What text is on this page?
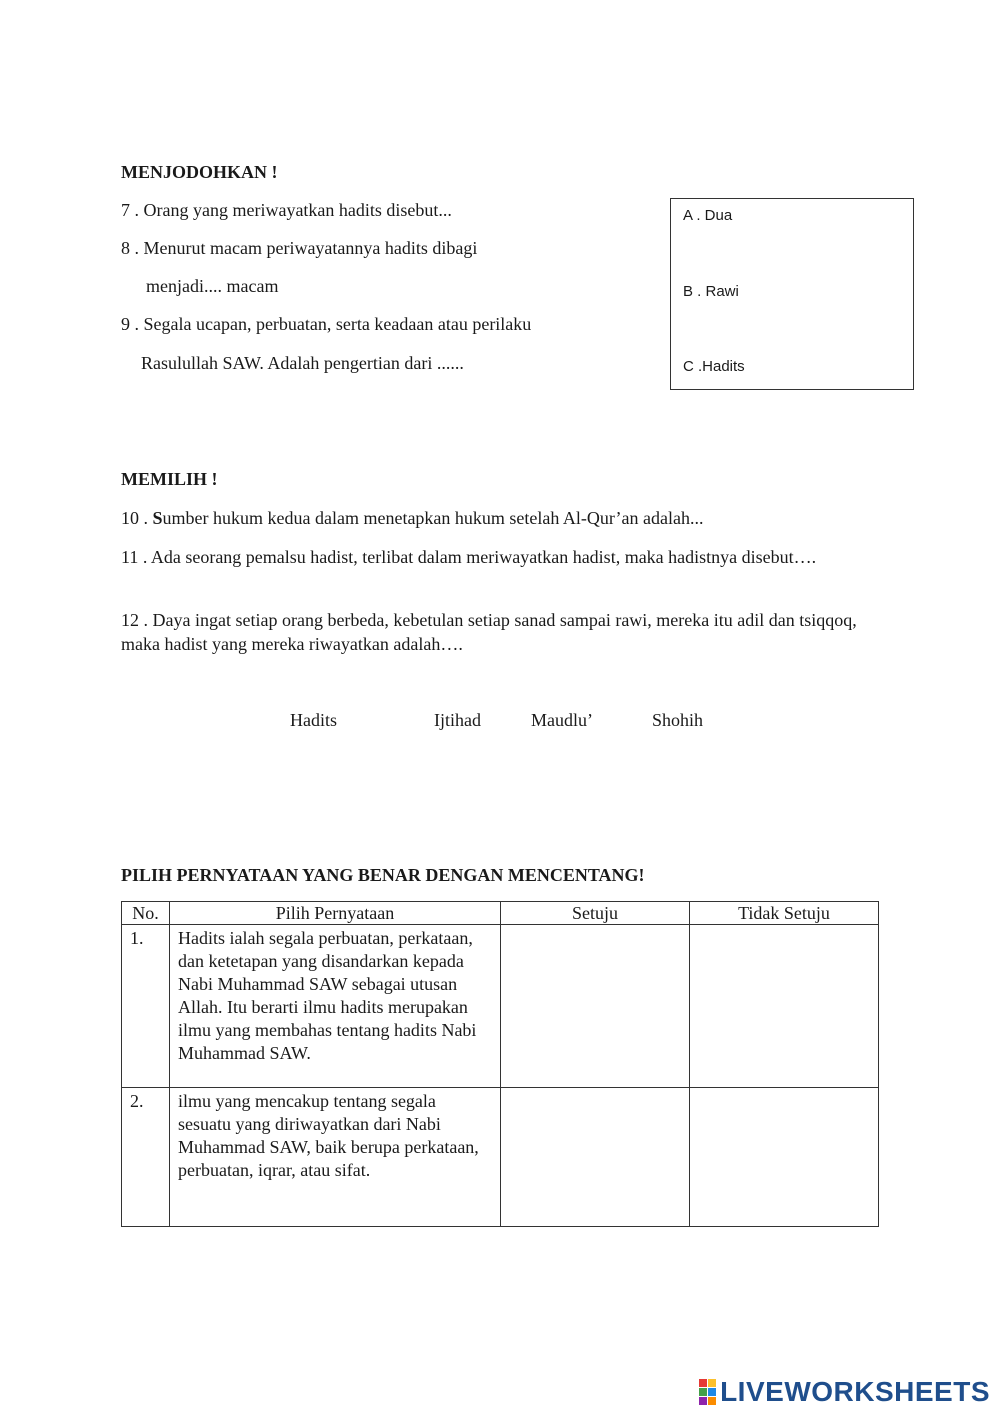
MENJODOHKAN !
7 . Orang yang meriwayatkan hadits disebut...
8 . Menurut macam periwayatannya hadits dibagi
menjadi.... macam
9 . Segala ucapan, perbuatan, serta keadaan atau perilaku
Rasulullah SAW. Adalah pengertian dari ......
A . Dua
B . Rawi
C .Hadits
MEMILIH !
10 . Sumber hukum kedua dalam menetapkan hukum setelah Al-Qur’an adalah...
11 . Ada seorang pemalsu hadist, terlibat dalam meriwayatkan hadist, maka hadistnya disebut….
12 . Daya ingat setiap orang berbeda, kebetulan setiap sanad sampai rawi, mereka itu adil dan tsiqqoq, maka hadist yang mereka riwayatkan adalah….
Hadits	Ijtihad	Maudlu’	Shohih
PILIH PERNYATAAN YANG BENAR DENGAN MENCENTANG!
No.	Pilih Pernyataan	Setuju	Tidak Setuju
1.	Hadits ialah segala perbuatan, perkataan, dan ketetapan yang disandarkan kepada Nabi Muhammad SAW sebagai utusan Allah. Itu berarti ilmu hadits merupakan ilmu yang membahas tentang hadits Nabi Muhammad SAW.		
2.	ilmu yang mencakup tentang segala sesuatu yang diriwayatkan dari Nabi Muhammad SAW, baik berupa perkataan, perbuatan, iqrar, atau sifat.		
LIVEWORKSHEETS
